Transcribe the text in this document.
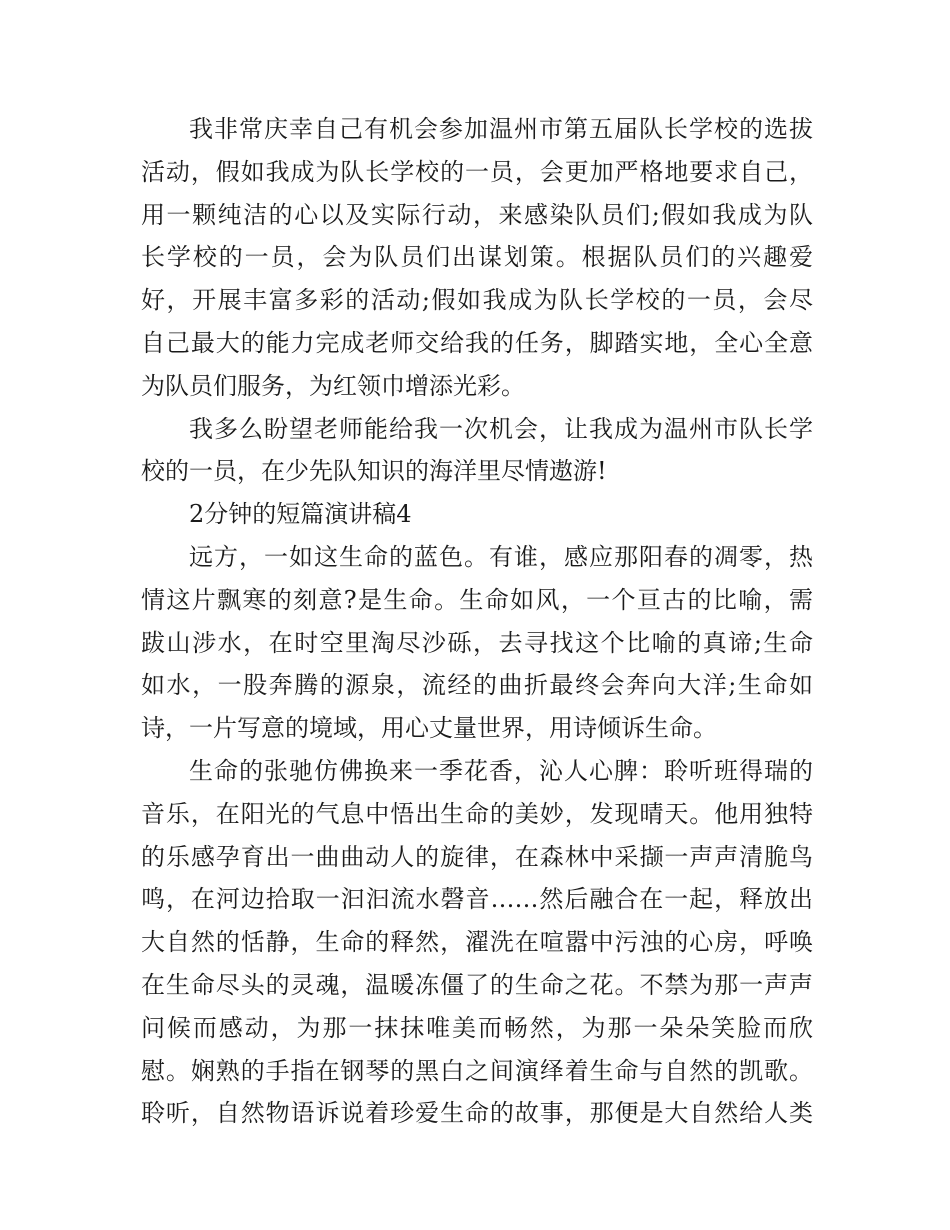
我非常庆幸自己有机会参加温州市第五届队长学校的选拔
活动，假如我成为队长学校的一员，会更加严格地要求自己，
用一颗纯洁的心以及实际行动，来感染队员们;假如我成为队
长学校的一员，会为队员们出谋划策。根据队员们的兴趣爱
好，开展丰富多彩的活动;假如我成为队长学校的一员，会尽
自己最大的能力完成老师交给我的任务，脚踏实地，全心全意
为队员们服务，为红领巾增添光彩。
我多么盼望老师能给我一次机会，让我成为温州市队长学
校的一员，在少先队知识的海洋里尽情遨游!
2分钟的短篇演讲稿4
远方，一如这生命的蓝色。有谁，感应那阳春的凋零，热
情这片飘寒的刻意?是生命。生命如风，一个亘古的比喻，需
跋山涉水，在时空里淘尽沙砾，去寻找这个比喻的真谛;生命
如水，一股奔腾的源泉，流经的曲折最终会奔向大洋;生命如
诗，一片写意的境域，用心丈量世界，用诗倾诉生命。
生命的张驰仿佛换来一季花香，沁人心脾：聆听班得瑞的
音乐，在阳光的气息中悟出生命的美妙，发现晴天。他用独特
的乐感孕育出一曲曲动人的旋律，在森林中采撷一声声清脆鸟
鸣，在河边拾取一汩汩流水磬音……然后融合在一起，释放出
大自然的恬静，生命的释然，濯洗在喧嚣中污浊的心房，呼唤
在生命尽头的灵魂，温暖冻僵了的生命之花。不禁为那一声声
问候而感动，为那一抹抹唯美而畅然，为那一朵朵笑脸而欣
慰。娴熟的手指在钢琴的黑白之间演绎着生命与自然的凯歌。
聆听，自然物语诉说着珍爱生命的故事，那便是大自然给人类
